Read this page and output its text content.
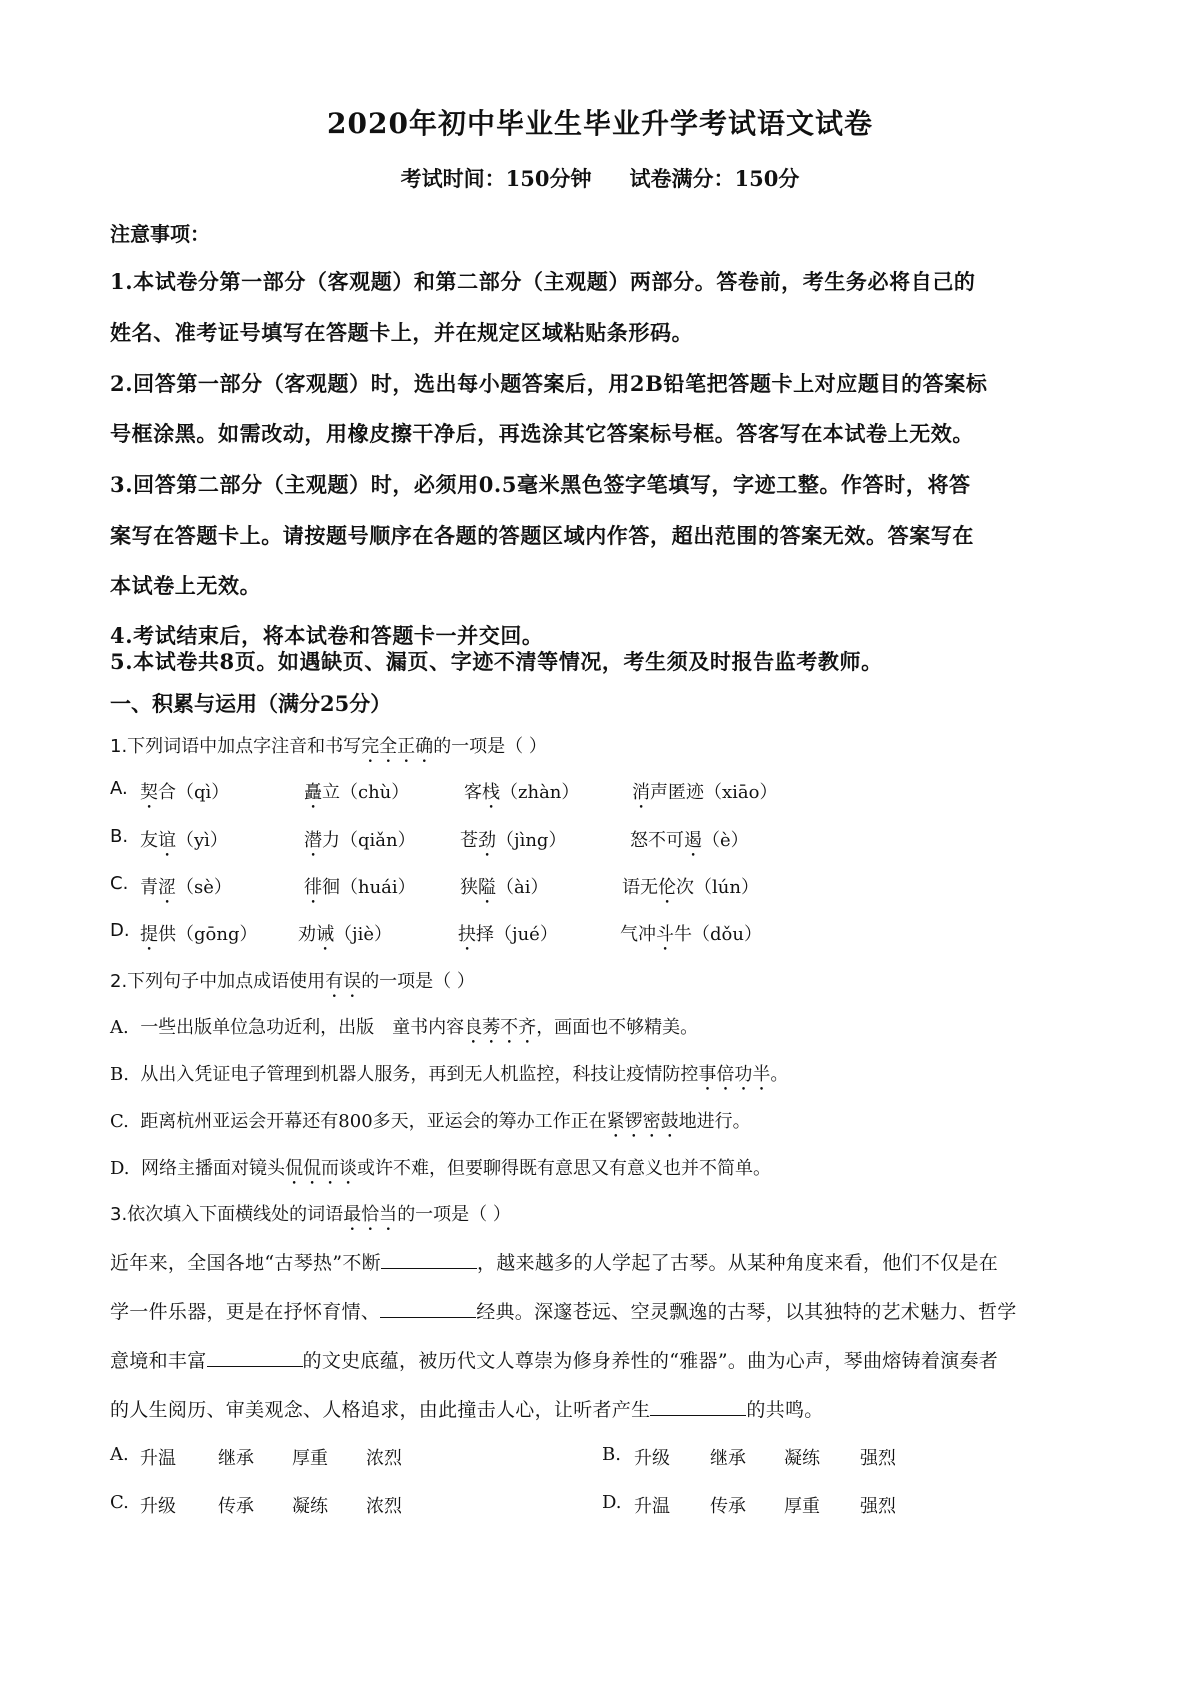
2020年初中毕业生毕业升学考试语文试卷
考试时间：150分钟 试卷满分：150分
注意事项：
1.本试卷分第一部分（客观题）和第二部分（主观题）两部分。答卷前，考生务必将自己的
姓名、准考证号填写在答题卡上，并在规定区域粘贴条形码。
2.回答第一部分（客观题）时，选出每小题答案后，用2B铅笔把答题卡上对应题目的答案标
号框涂黑。如需改动，用橡皮擦干净后，再选涂其它答案标号框。答客写在本试卷上无效。
3.回答第二部分（主观题）时，必须用0.5毫米黑色签字笔填写，字迹工整。作答时，将答
案写在答题卡上。请按题号顺序在各题的答题区域内作答，超出范围的答案无效。答案写在
本试卷上无效。
4.考试结束后，将本试卷和答题卡一并交回。
一、积累与运用（满分25分）
1.下列词语中加点字注音和书写完全正确的一项是（ ）
A. 契合（qì）	矗立（chù）	客栈（zhàn）	消声匿迹（xiāo）
B. 友谊（yì）	潜力（qiǎn） 苍劲（jìng）	怒不可遏（è）
C. 青涩（sè）	徘徊（huái） 狭隘（ài）	语无伦次（lún）
D. 提供（gōng） 劝诫（jiè）	抉择（jué）	气冲斗牛（dǒu）
2.下列句子中加点成语使用有误的一项是（ ）
A. 一些出版单位急功近利，出版　童书内容良莠不齐，画面也不够精美。
B. 从出入凭证电子管理到机器人服务，再到无人机监控，科技让疫情防控事倍功半。
C. 距离杭州亚运会开幕还有800多天，亚运会的筹办工作正在紧锣密鼓地进行。
D. 网络主播面对镜头侃侃而谈或许不难，但要聊得既有意思又有意义也并不简单。
3.依次填入下面横线处的词语最恰当的一项是（ ）
近年来，全国各地“古琴热”不断	，越来越多的人学起了古琴。从某种角度来看，他们不仅是在
学一件乐器，更是在抒怀育情、	经典。深邃苍远、空灵飘逸的古琴，以其独特的艺术魅力、哲学
意境和丰富	的文史底蕴，被历代文人尊崇为修身养性的“雅器”。曲为心声，琴曲熔铸着演奏者
的人生阅历、审美观念、人格追求，由此撞击人心，让听者产生	的共鸣。
A. 升温 继承 厚重 浓烈	B. 升级 继承 凝练 强烈
C. 升级 传承 凝练 浓烈	D. 升温 传承 厚重 强烈
5.本试卷共8页。如遇缺页、漏页、字迹不清等情况，考生须及时报告监考教师。
